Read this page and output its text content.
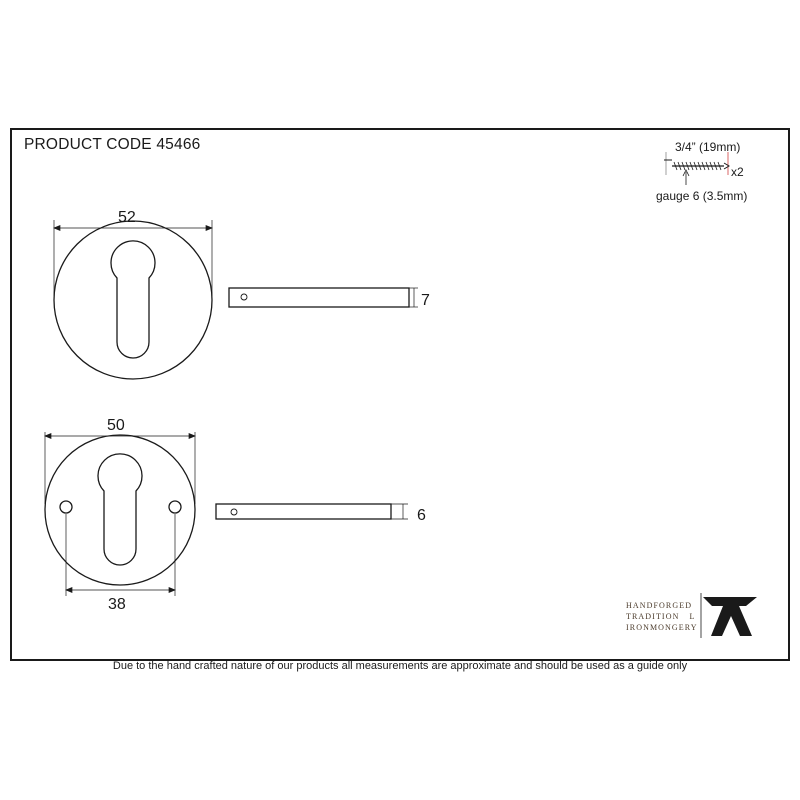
PRODUCT CODE 45466	3/4” (19mm)
x2
gauge 6 (3.5mm)
52
7
50
38
6
HANDFORGED
TRADITION L
IRONMONGERY
Due to the hand crafted nature of our products all measurements are approximate and should be used as a guide only
